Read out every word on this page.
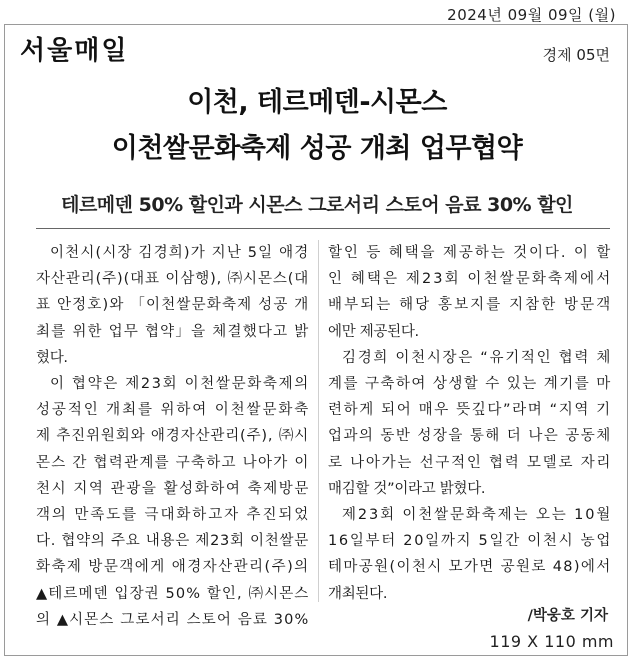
2024년 09월 09일 (월)
서울매일	경제 05면
이천, 테르메덴-시몬스
이천쌀문화축제 성공 개최 업무협약
테르메덴 50% 할인과 시몬스 그로서리 스토어 음료 30% 할인
이천시(시장 김경희)가 지난 5일 애경
자산관리(주)(대표 이삼행), ㈜시몬스(대
표 안정호)와 「이천쌀문화축제 성공 개
최를 위한 업무 협약」을 체결했다고 밝
혔다.
이 협약은 제23회 이천쌀문화축제의
성공적인 개최를 위하여 이천쌀문화축
제 추진위원회와 애경자산관리(주), ㈜시
몬스 간 협력관계를 구축하고 나아가 이
천시 지역 관광을 활성화하여 축제방문
객의 만족도를 극대화하고자 추진되었
다. 협약의 주요 내용은 제23회 이천쌀문
화축제 방문객에게 애경자산관리(주)의
▲테르메덴 입장권 50% 할인, ㈜시몬스
의 ▲시몬스 그로서리 스토어 음료 30%
할인 등 혜택을 제공하는 것이다. 이 할
인 혜택은 제23회 이천쌀문화축제에서
배부되는 해당 홍보지를 지참한 방문객
에만 제공된다.
김경희 이천시장은 “유기적인 협력 체
계를 구축하여 상생할 수 있는 계기를 마
련하게 되어 매우 뜻깊다”라며 “지역 기
업과의 동반 성장을 통해 더 나은 공동체
로 나아가는 선구적인 협력 모델로 자리
매김할 것”이라고 밝혔다.
제23회 이천쌀문화축제는 오는 10월
16일부터 20일까지 5일간 이천시 농업
테마공원(이천시 모가면 공원로 48)에서
개최된다.
/박웅호 기자
119 X 110 mm
